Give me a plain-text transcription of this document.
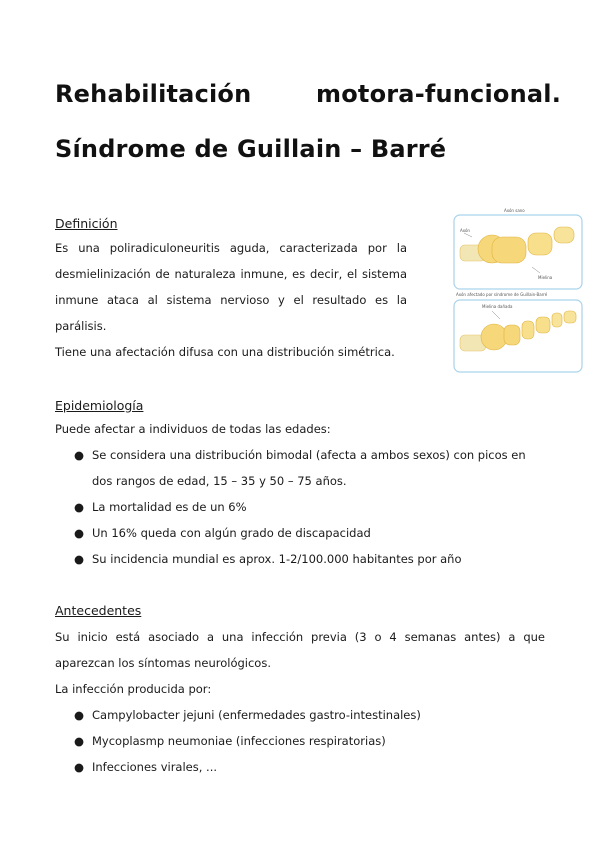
Rehabilitación	motora-funcional.
Síndrome de Guillain – Barré
Definición
Es una poliradiculoneuritis aguda, caracterizada por la
desmielinización de naturaleza inmune, es decir, el sistema
inmune ataca al sistema nervioso y el resultado es la parálisis.
Tiene una afectación difusa con una distribución simétrica.
Axón sano
Axón
Mielina
Axón afectado por síndrome de Guillain-Barré
Mielina dañada
Epidemiología
Puede afectar a individuos de todas las edades:
● Se considera una distribución bimodal (afecta a ambos sexos) con picos en
dos rangos de edad, 15 – 35 y 50 – 75 años.
● La mortalidad es de un 6%
● Un 16% queda con algún grado de discapacidad
● Su incidencia mundial es aprox. 1-2/100.000 habitantes por año
Antecedentes
Su inicio está asociado a una infección previa (3 o 4 semanas antes) a que
aparezcan los síntomas neurológicos.
La infección producida por:
● Campylobacter jejuni (enfermedades gastro-intestinales)
● Mycoplasmp neumoniae (infecciones respiratorias)
● Infecciones virales, ...
